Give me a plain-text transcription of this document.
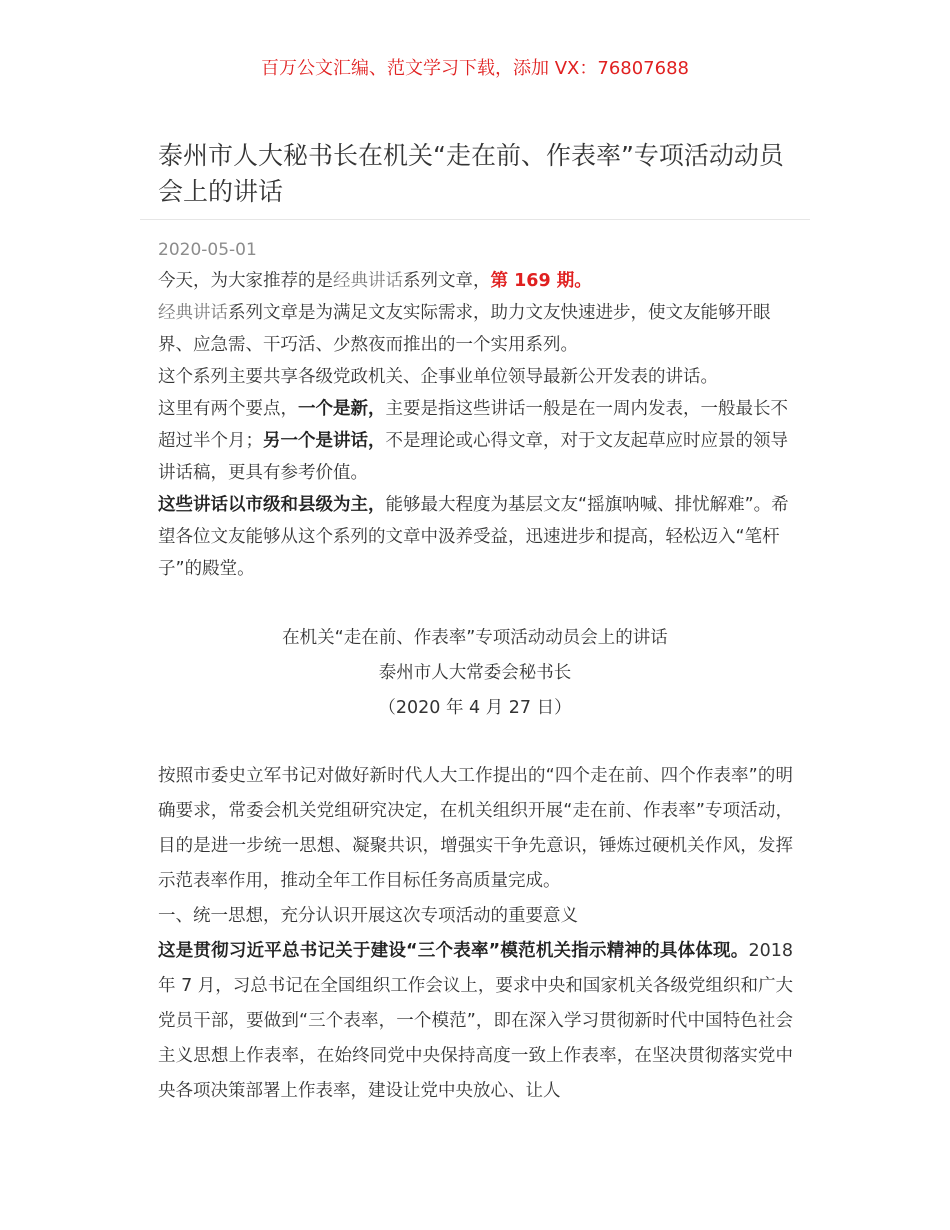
百万公文汇编、范文学习下载，添加 VX：76807688
泰州市人大秘书长在机关“走在前、作表率”专项活动动员会上的讲话
2020-05-01

今天，为大家推荐的是经典讲话系列文章，第 169 期。

经典讲话系列文章是为满足文友实际需求，助力文友快速进步，使文友能够开眼界、应急需、干巧活、少熬夜而推出的一个实用系列。

这个系列主要共享各级党政机关、企事业单位领导最新公开发表的讲话。

这里有两个要点，一个是新，主要是指这些讲话一般是在一周内发表，一般最长不超过半个月；另一个是讲话，不是理论或心得文章，对于文友起草应时应景的领导讲话稿，更具有参考价值。

这些讲话以市级和县级为主，能够最大程度为基层文友“摇旗呐喊、排忧解难”。希望各位文友能够从这个系列的文章中汲养受益，迅速进步和提高，轻松迈入“笔杆子”的殿堂。

在机关“走在前、作表率”专项活动动员会上的讲话
泰州市人大常委会秘书长
（2020 年 4 月 27 日）

按照市委史立军书记对做好新时代人大工作提出的“四个走在前、四个作表率”的明确要求，常委会机关党组研究决定，在机关组织开展“走在前、作表率”专项活动，目的是进一步统一思想、凝聚共识，增强实干争先意识，锤炼过硬机关作风，发挥示范表率作用，推动全年工作目标任务高质量完成。

一、统一思想，充分认识开展这次专项活动的重要意义

这是贯彻习近平总书记关于建设“三个表率”模范机关指示精神的具体体现。2018 年 7 月，习总书记在全国组织工作会议上，要求中央和国家机关各级党组织和广大党员干部，要做到“三个表率，一个模范”，即在深入学习贯彻新时代中国特色社会主义思想上作表率，在始终同党中央保持高度一致上作表率，在坚决贯彻落实党中央各项决策部署上作表率，建设让党中央放心、让人
